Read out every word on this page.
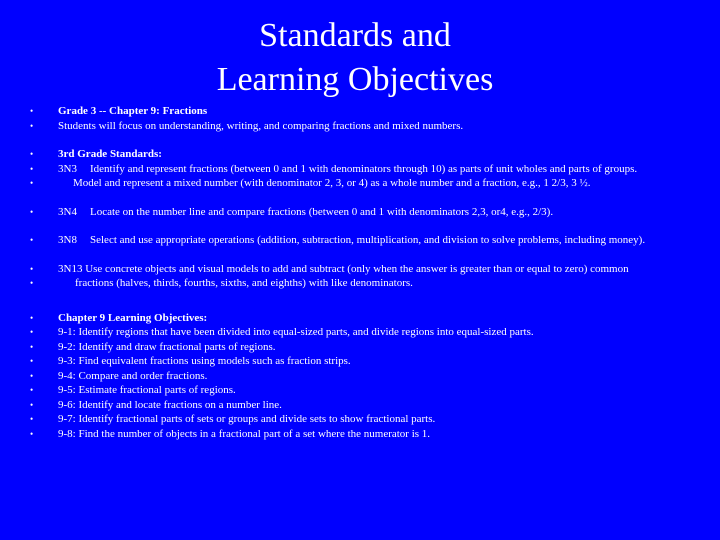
Standards and
Learning Objectives
• Grade 3 -- Chapter 9: Fractions
• Students will focus on understanding, writing, and comparing fractions and mixed numbers.
• 3rd Grade Standards:
• 3N3 Identify and represent fractions (between 0 and 1 with denominators through 10) as parts of unit wholes and parts of groups.
•	Model and represent a mixed number (with denominator 2, 3, or 4) as a whole number and a fraction, e.g., 1 2/3, 3 ½.
• 3N4 Locate on the number line and compare fractions (between 0 and 1 with denominators 2,3, or4, e.g., 2/3).
• 3N8 Select and use appropriate operations (addition, subtraction, multiplication, and division to solve problems, including money).
• 3N13 Use concrete objects and visual models to add and subtract (only when the answer is greater than or equal to zero) common
•	fractions (halves, thirds, fourths, sixths, and eighths) with like denominators.
• Chapter 9 Learning Objectives:
• 9-1: Identify regions that have been divided into equal-sized parts, and divide regions into equal-sized parts.
• 9-2: Identify and draw fractional parts of regions.
• 9-3: Find equivalent fractions using models such as fraction strips.
• 9-4: Compare and order fractions.
• 9-5: Estimate fractional parts of regions.
• 9-6: Identify and locate fractions on a number line.
• 9-7: Identify fractional parts of sets or groups and divide sets to show fractional parts.
• 9-8: Find the number of objects in a fractional part of a set where the numerator is 1.
